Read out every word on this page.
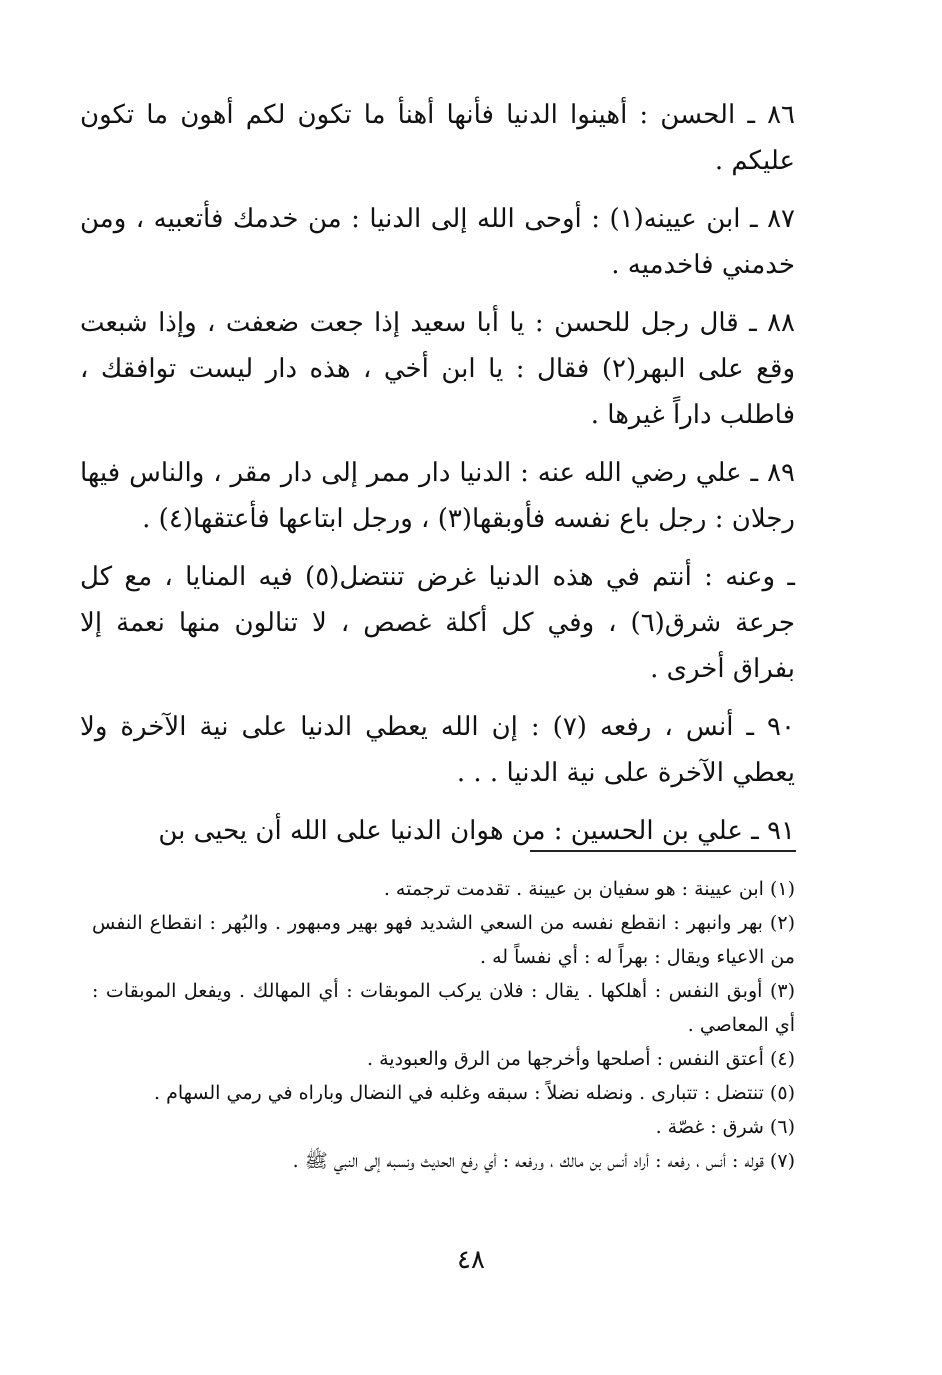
٨٦ ـ الحسن : أهينوا الدنيا فأنها أهنأ ما تكون لكم أهون ما تكون عليكم .

٨٧ ـ ابن عيينه(١) : أوحى الله إلى الدنيا : من خدمك فأتعبيه ، ومن خدمني فاخدميه .

٨٨ ـ قال رجل للحسن : يا أبا سعيد إذا جعت ضعفت ، وإذا شبعت وقع على البهر(٢) فقال : يا ابن أخي ، هذه دار ليست توافقك ، فاطلب داراً غيرها .

٨٩ ـ علي رضي الله عنه : الدنيا دار ممر إلى دار مقر ، والناس فيها رجلان : رجل باع نفسه فأوبقها(٣) ، ورجل ابتاعها فأعتقها(٤) .

ـ وعنه : أنتم في هذه الدنيا غرض تنتضل(٥) فيه المنايا ، مع كل جرعة شرق(٦) ، وفي كل أكلة غصص ، لا تنالون منها نعمة إلا بفراق أخرى .

٩٠ ـ أنس ، رفعه (٧) : إن الله يعطي الدنيا على نية الآخرة ولا يعطي الآخرة على نية الدنيا . . .

٩١ ـ علي بن الحسين : من هوان الدنيا على الله أن يحيى بن

(١) ابن عيينة : هو سفيان بن عيينة . تقدمت ترجمته .

(٢) بهر وانبهر : انقطع نفسه من السعي الشديد فهو بهير ومبهور . والبُهر : انقطاع النفس من الاعياء ويقال : بهراً له : أي نفساً له .

(٣) أوبق النفس : أهلكها . يقال : فلان يركب الموبقات : أي المهالك . ويفعل الموبقات : أي المعاصي .

(٤) أعتق النفس : أصلحها وأخرجها من الرق والعبودية .

(٥) تنتضل : تتبارى . ونضله نضلاً : سبقه وغلبه في النضال وباراه في رمي السهام .

(٦) شرق : غصّة .

(٧) قوله : أنس ، رفعه : أراد أنس بن مالك ، ورفعه : أي رفع الحديث ونسبه إلى النبي ﷺ .

٤٨
